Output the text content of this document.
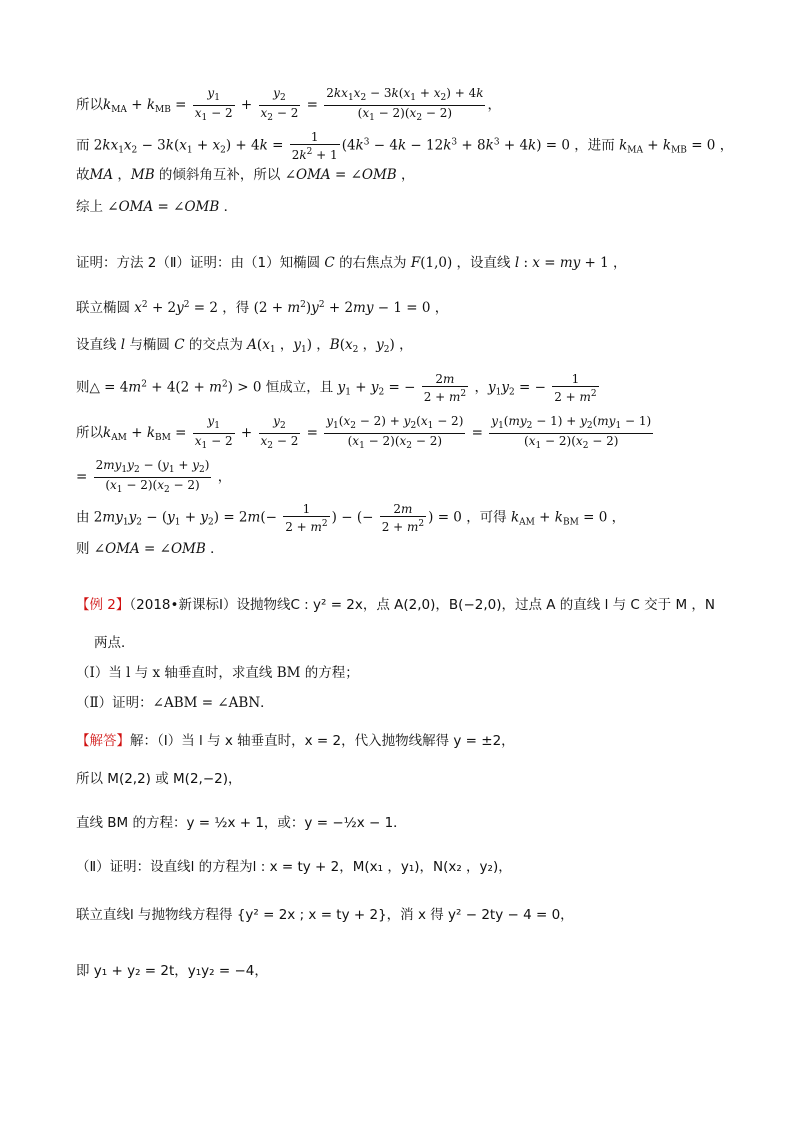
所以$k_{MA} + k_{MB} = \frac{y_1}{x_1 - 2} + \frac{y_2}{x_2 - 2} = \frac{2kx_1x_2 - 3k(x_1 + x_2) + 4k}{(x_1 - 2)(x_2 - 2)}$ ，
而 $2kx_1x_2 - 3k(x_1 + x_2) + 4k = \frac{1}{2k^2 + 1} (4k^3 - 4k - 12k^3 + 8k^3 + 4k) = 0$ ，进而 $k_{MA} + k_{MB} = 0$ ，
故MA ，MB 的倾斜角互补，所以 ∠OMA = ∠OMB ，
综上 ∠OMA = ∠OMB ．
证明：方法 2（Ⅱ）证明：由（1）知椭圆 C 的右焦点为 F(1,0) ，设直线 l : x = my + 1 ，
联立椭圆 $x^2 + 2y^2 = 2$ ，得 $(2 + m^2)y^2 + 2my - 1 = 0$ ，
设直线 l 与椭圆 C 的交点为 $A(x_1$ ，$y_1$) ，$B(x_2$ ，$y_2$) ，
则△ = $4m^2 + 4(2 + m^2) > 0$ 恒成立，且 $y_1 + y_2$ = − $\frac{2m}{2 + m^2}$ ，$y_1y_2$ = − $\frac{1}{2 + m^2}$
所以$k_{AM} + k_{BM} = \frac{y_1}{x_1 - 2} + \frac{y_2}{x_2 - 2} = \frac{y_1(x_2 - 2) + y_2(x_1 - 2)}{(x_1 - 2)(x_2 - 2)} = \frac{y_1(my_2 - 1) + y_2(my_1 - 1)}{(x_1 - 2)(x_2 - 2)}$
= $\frac{2my_1y_2 - (y_1 + y_2)}{(x_1 - 2)(x_2 - 2)}$ ，
由 $2my_1y_2 - (y_1 + y_2) = 2m(- \frac{1}{2 + m^2}$ ) − (− $\frac{2m}{2 + m^2}$ ) = 0 ，可得 $k_{AM} + k_{BM} = 0$ ，
则 ∠OMA = ∠OMB ．
【例 2】（2018•新课标Ⅰ）设抛物线C : y² = 2x，点 A(2,0)，B(−2,0)，过点 A 的直线 l 与 C 交于 M ，N
两点．
（Ⅰ）当 l 与 x 轴垂直时，求直线 BM 的方程；
（Ⅱ）证明：∠ABM = ∠ABN．
【解答】解：（Ⅰ）当 l 与 x 轴垂直时，x = 2，代入抛物线解得 y = ±2，
所以 M(2,2) 或 M(2,−2)，
直线 BM 的方程：y = ½x + 1，或：y = −½x − 1．
（Ⅱ）证明：设直线l 的方程为l : x = ty + 2，M(x₁ ，y₁)，N(x₂ ，y₂)，
联立直线l 与抛物线方程得 {y² = 2x ; x = ty + 2}，消 x 得 y² − 2ty − 4 = 0，
即 y₁ + y₂ = 2t，y₁y₂ = −4，
